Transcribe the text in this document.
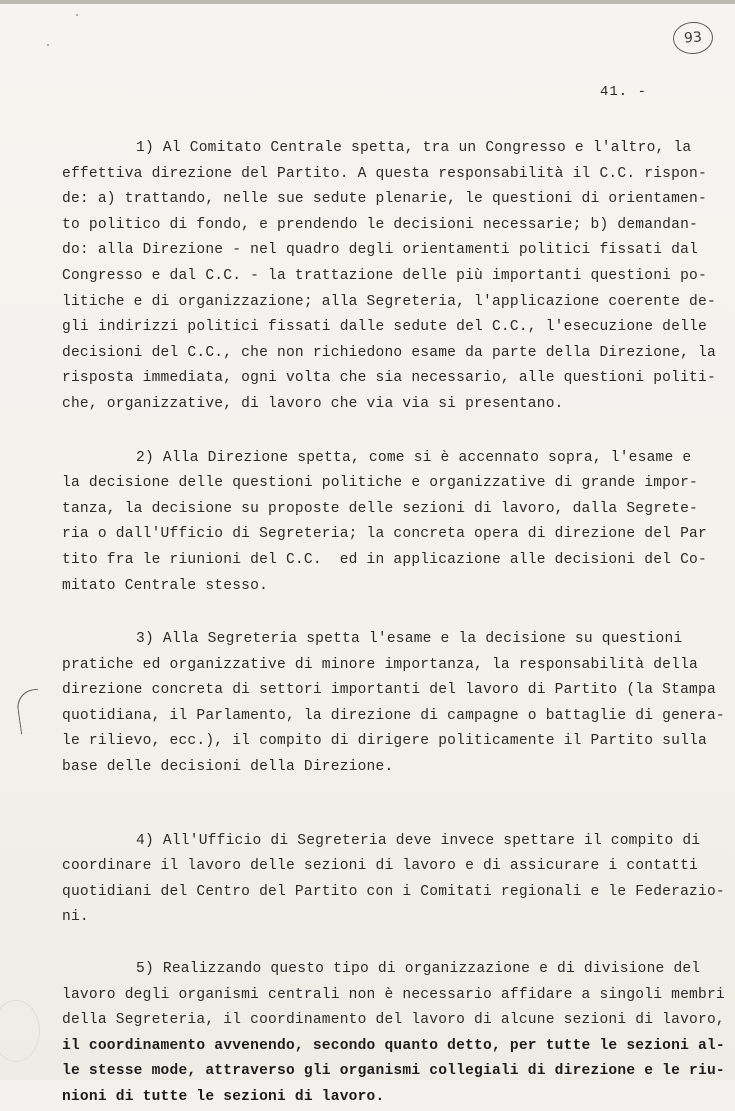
93
41. -

1) Al Comitato Centrale spetta, tra un Congresso e l'altro, la
effettiva direzione del Partito. A questa responsabilità il C.C. rispon-
de: a) trattando, nelle sue sedute plenarie, le questioni di orientamen-
to politico di fondo, e prendendo le decisioni necessarie; b) demandan-
do: alla Direzione - nel quadro degli orientamenti politici fissati dal
Congresso e dal C.C. - la trattazione delle più importanti questioni po-
litiche e di organizzazione; alla Segreteria, l'applicazione coerente de-
gli indirizzi politici fissati dalle sedute del C.C., l'esecuzione delle
decisioni del C.C., che non richiedono esame da parte della Direzione, la
risposta immediata, ogni volta che sia necessario, alle questioni politi-
che, organizzative, di lavoro che via via si presentano.

2) Alla Direzione spetta, come si è accennato sopra, l'esame e
la decisione delle questioni politiche e organizzative di grande impor-
tanza, la decisione su proposte delle sezioni di lavoro, dalla Segrete-
ria o dall'Ufficio di Segreteria; la concreta opera di direzione del Par
tito fra le riunioni del C.C.  ed in applicazione alle decisioni del Co-
mitato Centrale stesso.

3) Alla Segreteria spetta l'esame e la decisione su questioni
pratiche ed organizzative di minore importanza, la responsabilità della
direzione concreta di settori importanti del lavoro di Partito (la Stampa
quotidiana, il Parlamento, la direzione di campagne o battaglie di genera-
le rilievo, ecc.), il compito di dirigere politicamente il Partito sulla
base delle decisioni della Direzione.

4) All'Ufficio di Segreteria deve invece spettare il compito di
coordinare il lavoro delle sezioni di lavoro e di assicurare i contatti
quotidiani del Centro del Partito con i Comitati regionali e le Federazio-
ni.

5) Realizzando questo tipo di organizzazione e di divisione del
lavoro degli organismi centrali non è necessario affidare a singoli membri
della Segreteria, il coordinamento del lavoro di alcune sezioni di lavoro,
il coordinamento avvenendo, secondo quanto detto, per tutte le sezioni al-
le stesse mode, attraverso gli organismi collegiali di direzione e le riu-
nioni di tutte le sezioni di lavoro.
